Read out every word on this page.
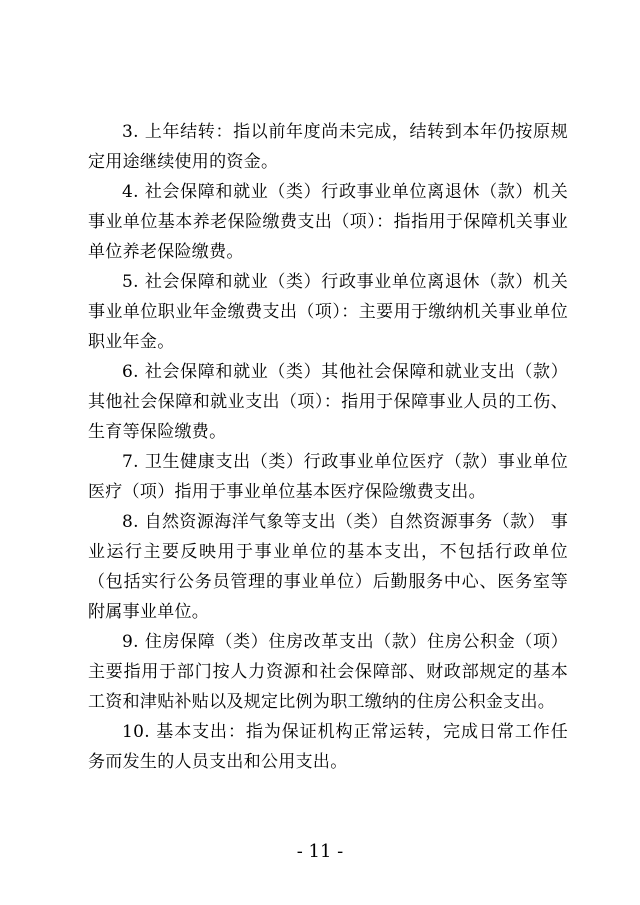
3. 上年结转：指以前年度尚未完成，结转到本年仍按原规定用途继续使用的资金。

4. 社会保障和就业（类）行政事业单位离退休（款）机关事业单位基本养老保险缴费支出（项）：指指用于保障机关事业单位养老保险缴费。

5. 社会保障和就业（类）行政事业单位离退休（款）机关事业单位职业年金缴费支出（项）：主要用于缴纳机关事业单位职业年金。

6. 社会保障和就业（类）其他社会保障和就业支出（款）其他社会保障和就业支出（项）：指用于保障事业人员的工伤、生育等保险缴费。

7. 卫生健康支出（类）行政事业单位医疗（款）事业单位医疗（项）指用于事业单位基本医疗保险缴费支出。

8. 自然资源海洋气象等支出（类）自然资源事务（款） 事业运行主要反映用于事业单位的基本支出，不包括行政单位（包括实行公务员管理的事业单位）后勤服务中心、医务室等附属事业单位。

9. 住房保障（类）住房改革支出（款）住房公积金（项）主要指用于部门按人力资源和社会保障部、财政部规定的基本工资和津贴补贴以及规定比例为职工缴纳的住房公积金支出。

10. 基本支出：指为保证机构正常运转，完成日常工作任务而发生的人员支出和公用支出。

- 11 -
